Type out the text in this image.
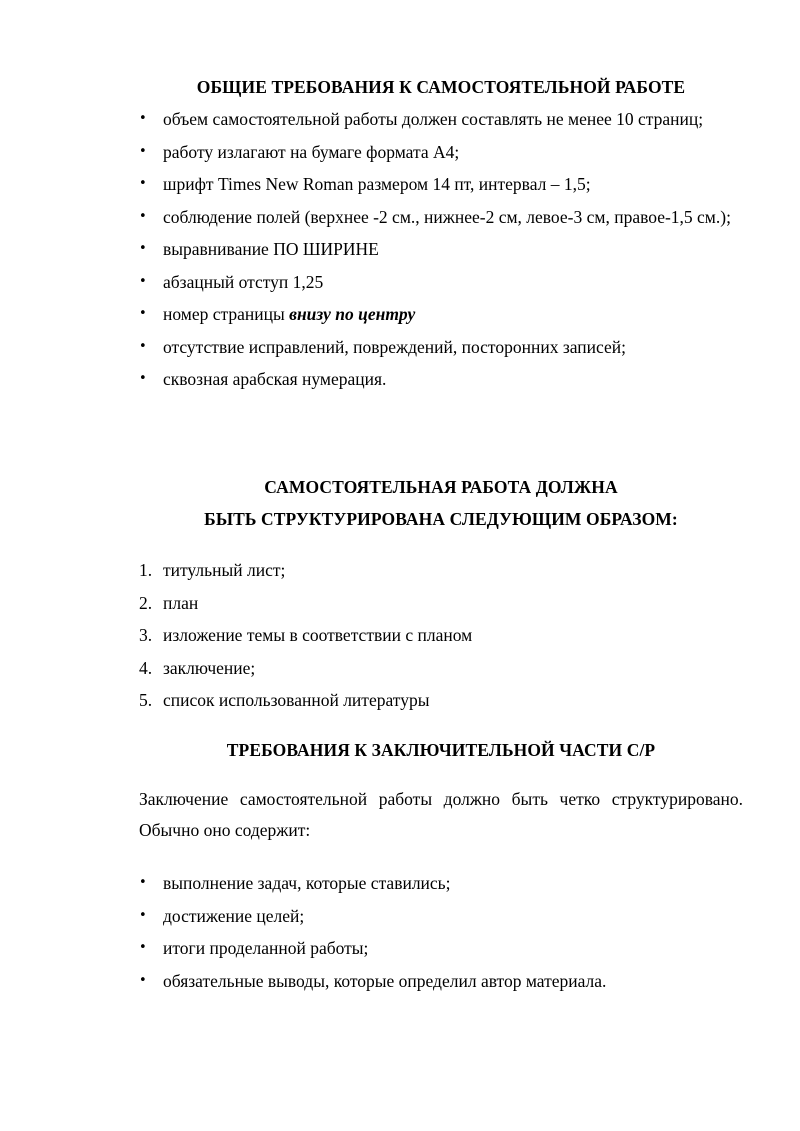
ОБЩИЕ ТРЕБОВАНИЯ К САМОСТОЯТЕЛЬНОЙ РАБОТЕ
• объем самостоятельной работы должен составлять не менее 10 страниц;
• работу излагают на бумаге формата А4;
• шрифт Times New Roman размером 14 пт, интервал – 1,5;
• соблюдение полей (верхнее -2 см., нижнее-2 см, левое-3 см, правое-1,5 см.);
• выравнивание ПО ШИРИНЕ
• абзацный отступ 1,25
• номер страницы внизу по центру
• отсутствие исправлений, повреждений, посторонних записей;
• сквозная арабская нумерация.
САМОСТОЯТЕЛЬНАЯ РАБОТА ДОЛЖНА
БЫТЬ СТРУКТУРИРОВАНА СЛЕДУЮЩИМ ОБРАЗОМ:
1. титульный лист;
2. план
3. изложение темы в соответствии с планом
4. заключение;
5. список использованной литературы
ТРЕБОВАНИЯ К ЗАКЛЮЧИТЕЛЬНОЙ ЧАСТИ С/Р

Заключение самостоятельной работы должно быть четко структурировано. Обычно оно содержит:

• выполнение задач, которые ставились;
• достижение целей;
• итоги проделанной работы;
• обязательные выводы, которые определил автор материала.
